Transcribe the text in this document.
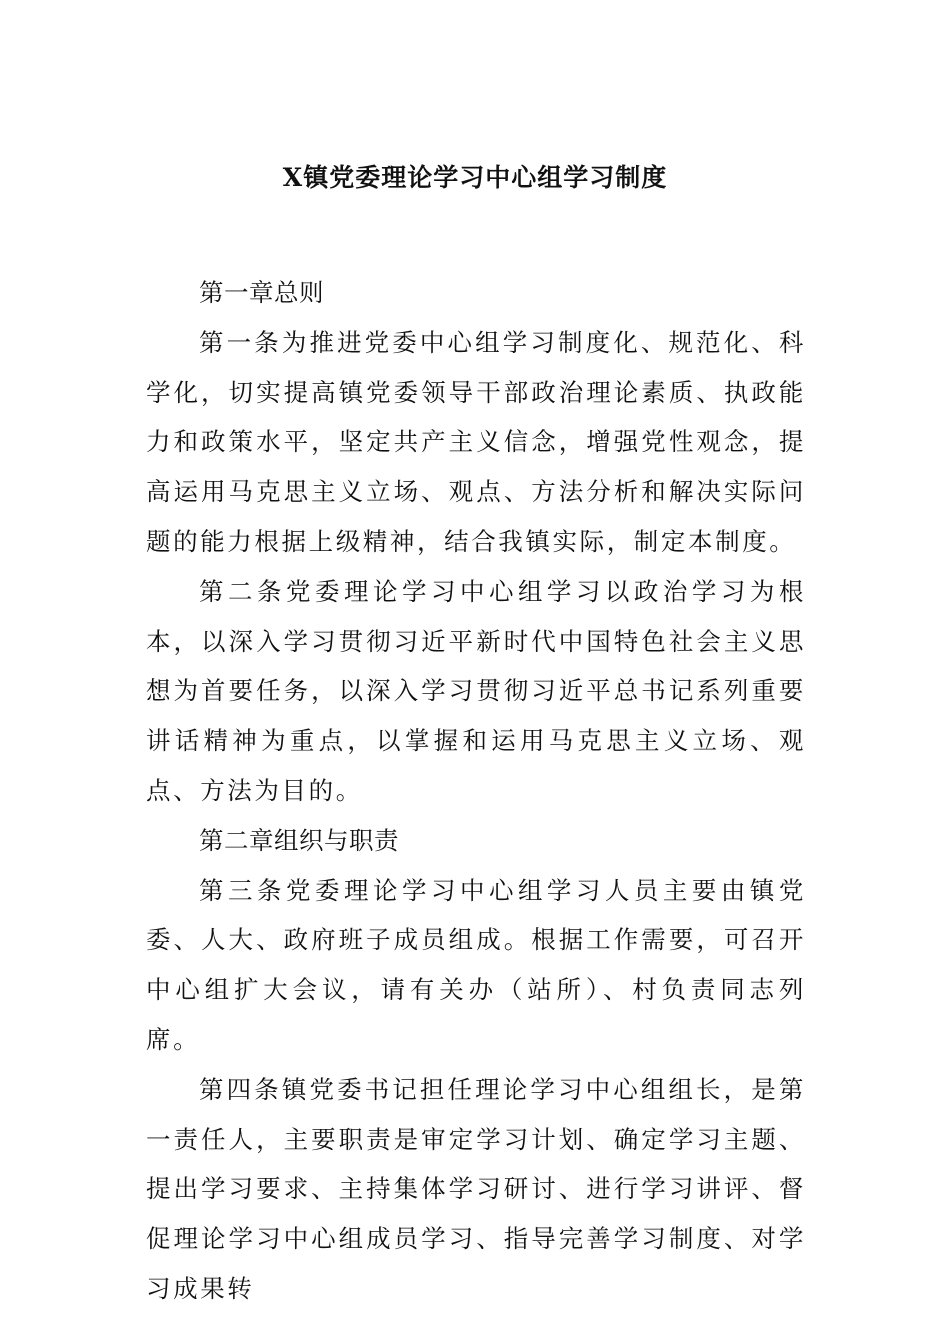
X镇党委理论学习中心组学习制度

第一章总则

第一条为推进党委中心组学习制度化、规范化、科学化，切实提高镇党委领导干部政治理论素质、执政能力和政策水平，坚定共产主义信念，增强党性观念，提高运用马克思主义立场、观点、方法分析和解决实际问题的能力根据上级精神，结合我镇实际，制定本制度。

第二条党委理论学习中心组学习以政治学习为根本，以深入学习贯彻习近平新时代中国特色社会主义思想为首要任务，以深入学习贯彻习近平总书记系列重要讲话精神为重点，以掌握和运用马克思主义立场、观点、方法为目的。

第二章组织与职责

第三条党委理论学习中心组学习人员主要由镇党委、人大、政府班子成员组成。根据工作需要，可召开中心组扩大会议，请有关办（站所）、村负责同志列席。

第四条镇党委书记担任理论学习中心组组长，是第一责任人，主要职责是审定学习计划、确定学习主题、提出学习要求、主持集体学习研讨、进行学习讲评、督促理论学习中心组成员学习、指导完善学习制度、对学习成果转
